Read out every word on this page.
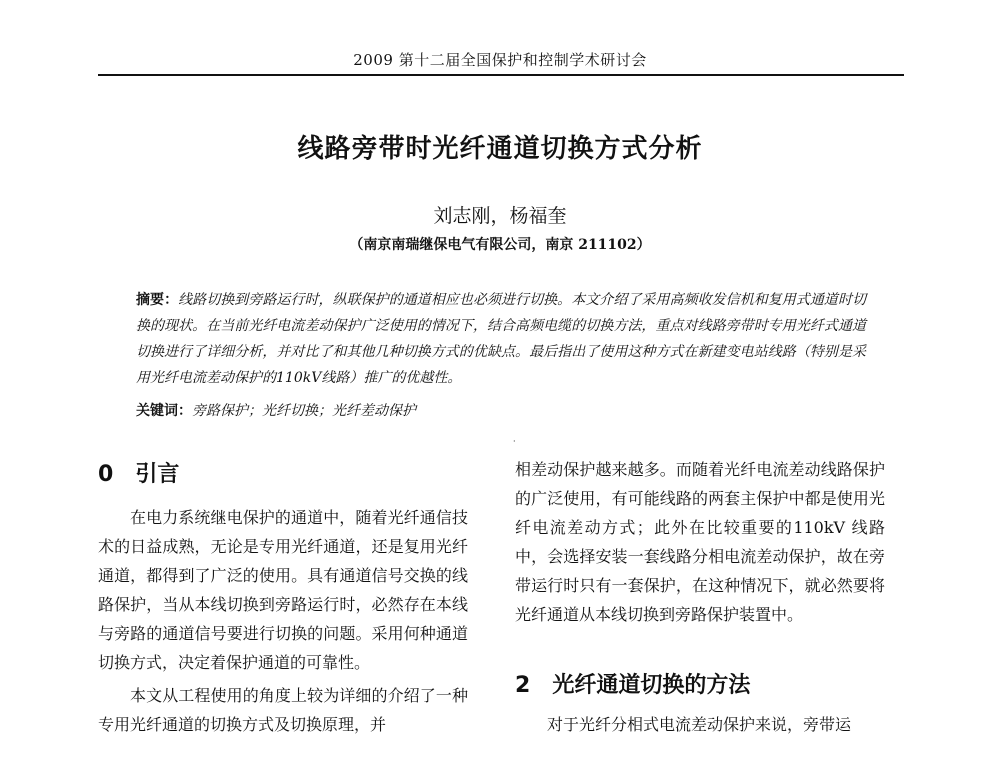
2009 第十二届全国保护和控制学术研讨会
线路旁带时光纤通道切换方式分析
刘志刚，杨福奎
（南京南瑞继保电气有限公司，南京 211102）
摘要：线路切换到旁路运行时，纵联保护的通道相应也必须进行切换。本文介绍了采用高频收发信机和复用式通道时切换的现状。在当前光纤电流差动保护广泛使用的情况下，结合高频电缆的切换方法，重点对线路旁带时专用光纤式通道切换进行了详细分析，并对比了和其他几种切换方式的优缺点。最后指出了使用这种方式在新建变电站线路（特别是采用光纤电流差动保护的110kV线路）推广的优越性。
关键词：旁路保护；光纤切换；光纤差动保护
·
0 引言

在电力系统继电保护的通道中，随着光纤通信技术的日益成熟，无论是专用光纤通道，还是复用光纤通道，都得到了广泛的使用。具有通道信号交换的线路保护，当从本线切换到旁路运行时，必然存在本线与旁路的通道信号要进行切换的问题。采用何种通道切换方式，决定着保护通道的可靠性。

本文从工程使用的角度上较为详细的介绍了一种专用光纤通道的切换方式及切换原理，并

相差动保护越来越多。而随着光纤电流差动线路保护的广泛使用，有可能线路的两套主保护中都是使用光纤电流差动方式；此外在比较重要的110kV 线路中，会选择安装一套线路分相电流差动保护，故在旁带运行时只有一套保护，在这种情况下，就必然要将光纤通道从本线切换到旁路保护装置中。

2 光纤通道切换的方法

对于光纤分相式电流差动保护来说，旁带运
